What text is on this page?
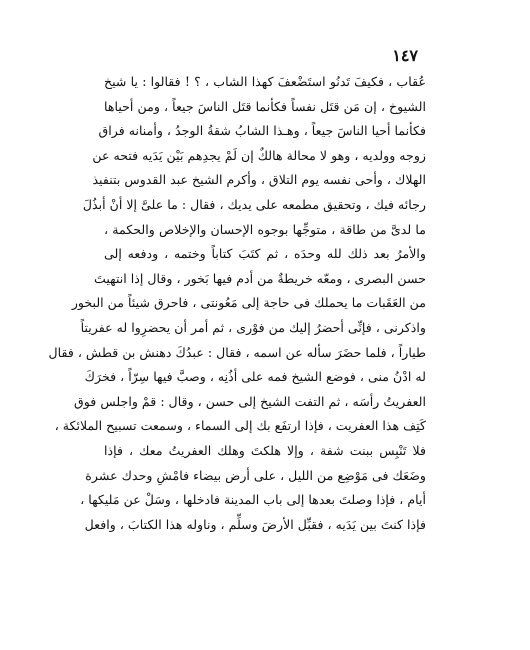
١٤٧
عُقاب ، فكيفَ تَدنُو استَضْعفَ كهذا الشاب ، ؟ ! فقالوا : يا شيخ
الشيوخ ، إن مَن قتَل نفساً فكأنما قتَل الناسَ جيعاً ، ومن أحياها
فكأنما أحيا الناسَ جيعاً ، وهـذا الشابُ شقةُ الوجدُ ، وأمنانه فراق
زوجه وولديه ، وهو لا محالة هالكٌ إن لَمْ يجدِهم بَيْن يَدَيه فتحه عن
الهلاك ، وأحى نفسه يوم التلاق ، وأكرم الشيخ عبد القدوس بتنفيذ
رجائه فيك ، وتحقيق مطمعه على يديك ، فقال : ما علىَّ إلا أنْ أبذُلَ
ما لدىَّ من طاقة ، متوجِّها بوجوه الإحسان والإخلاص والحكمة ،
والأمرُ بعد ذلك لله وحدَه ، ثم كتَبَ كتاباً وختمه ، ودفعه إلى
حسن البصرى ، ومعّه خريطةٌ من أدم فيها بَخور ، وقال إذا انتهيتَ
من العَقَبات ما يحملك فى حاجة إلى مَعُونتى ، فاحرق شيئاً من البخور
واذكرنى ، فإنِّى أحضرُ إليك من فوْرى ، ثم أمر أن يحضرِوا له عفريتاً
طياراً ، فلما حضَرَ سأله عن اسمه ، فقال : عبدُكَ دهنش بن قطش ، فقال
له ادْنُ منى ، فوضع الشيخ فمه على أذُنِه ، وصبَّ فيها سِرّاً ، فخرَكَ
العفريتُ رأسَه ، ثم التفت الشيخ إلى حسن ، وقال : قمْ واجلس فوق
كَتِف هذا العفريت ، فإذا ارتفَع بك إلى السماء ، وسمعت تسبيح الملائكة ،
فلا تَنْبِس ببنت شفة ، وإلا هلكتَ وهلك العفريتُ معك ، فإذا
وضَعَك فى مَوْضِع من الليل ، على أرض بيضاء فامْشِ وحدك عشرة
أيام ، فإذا وصلتَ بعدها إلى باب المدينة فادخلها ، وسَلْ عن مَليكها ،
فإذا كنتَ بين يَدَيه ، فقبِّل الأرضَ وسلِّم ، وناوله هذا الكتابَ ، وافعل
